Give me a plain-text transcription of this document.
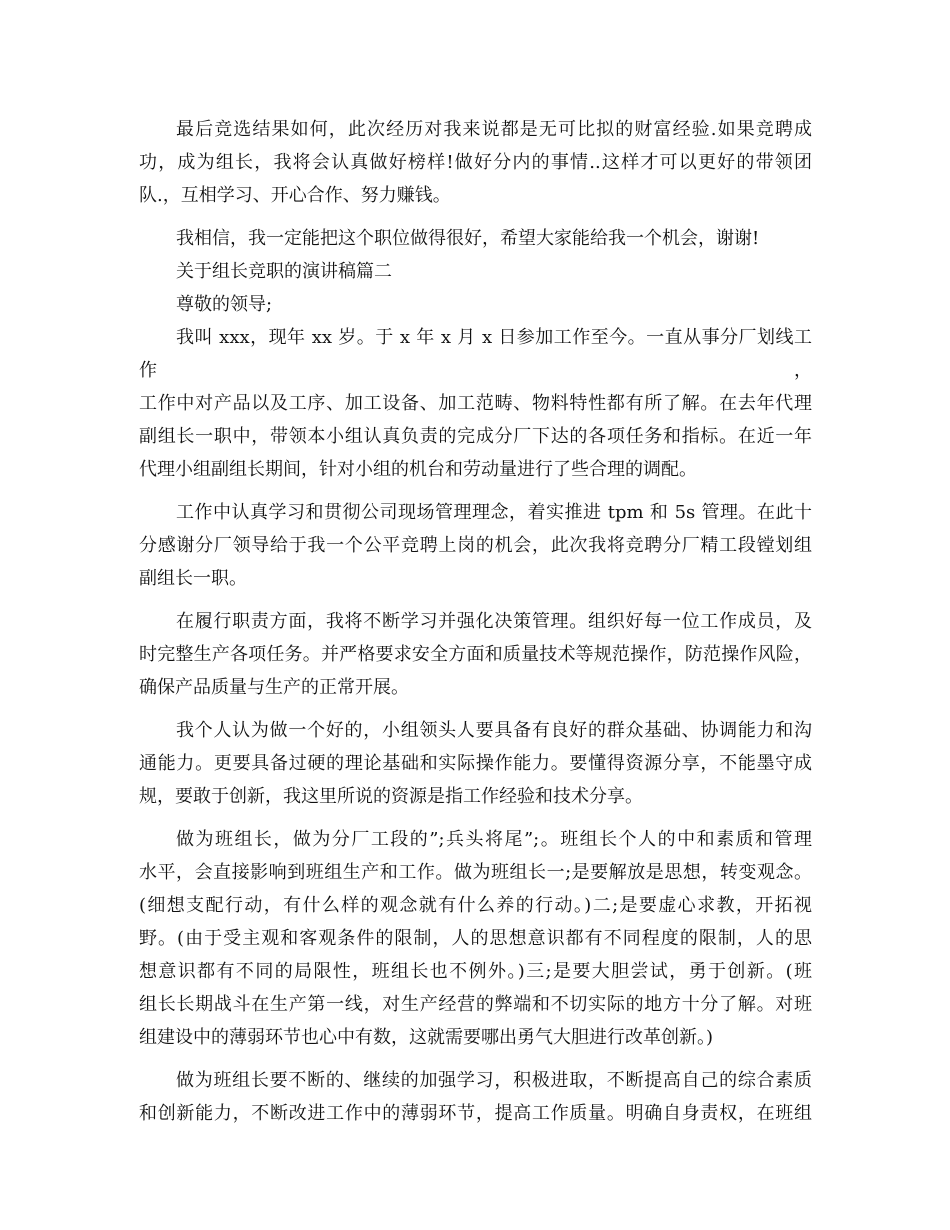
最后竞选结果如何，此次经历对我来说都是无可比拟的财富经验.如果竞聘成
功，成为组长，我将会认真做好榜样!做好分内的事情..这样才可以更好的带领团
队.，互相学习、开心合作、努力赚钱。
我相信，我一定能把这个职位做得很好，希望大家能给我一个机会，谢谢!
关于组长竞职的演讲稿篇二
尊敬的领导;
我叫 xxx，现年 xx 岁。于 x 年 x 月 x 日参加工作至今。一直从事分厂划线工作，
工作中对产品以及工序、加工设备、加工范畴、物料特性都有所了解。在去年代理
副组长一职中，带领本小组认真负责的完成分厂下达的各项任务和指标。在近一年
代理小组副组长期间，针对小组的机台和劳动量进行了些合理的调配。
工作中认真学习和贯彻公司现场管理理念，着实推进 tpm 和 5s 管理。在此十
分感谢分厂领导给于我一个公平竞聘上岗的机会，此次我将竞聘分厂精工段镗划组
副组长一职。
在履行职责方面，我将不断学习并强化决策管理。组织好每一位工作成员，及
时完整生产各项任务。并严格要求安全方面和质量技术等规范操作，防范操作风险，
确保产品质量与生产的正常开展。
我个人认为做一个好的，小组领头人要具备有良好的群众基础、协调能力和沟
通能力。更要具备过硬的理论基础和实际操作能力。要懂得资源分享，不能墨守成
规，要敢于创新，我这里所说的资源是指工作经验和技术分享。
做为班组长，做为分厂工段的”;兵头将尾”;。班组长个人的中和素质和管理
水平，会直接影响到班组生产和工作。做为班组长一;是要解放是思想，转变观念。
(细想支配行动，有什么样的观念就有什么养的行动。)二;是要虚心求教，开拓视
野。(由于受主观和客观条件的限制，人的思想意识都有不同程度的限制，人的思
想意识都有不同的局限性，班组长也不例外。)三;是要大胆尝试，勇于创新。(班
组长长期战斗在生产第一线，对生产经营的弊端和不切实际的地方十分了解。对班
组建设中的薄弱环节也心中有数，这就需要哪出勇气大胆进行改革创新。)
做为班组长要不断的、继续的加强学习，积极进取，不断提高自己的综合素质
和创新能力，不断改进工作中的薄弱环节，提高工作质量。明确自身责权，在班组
